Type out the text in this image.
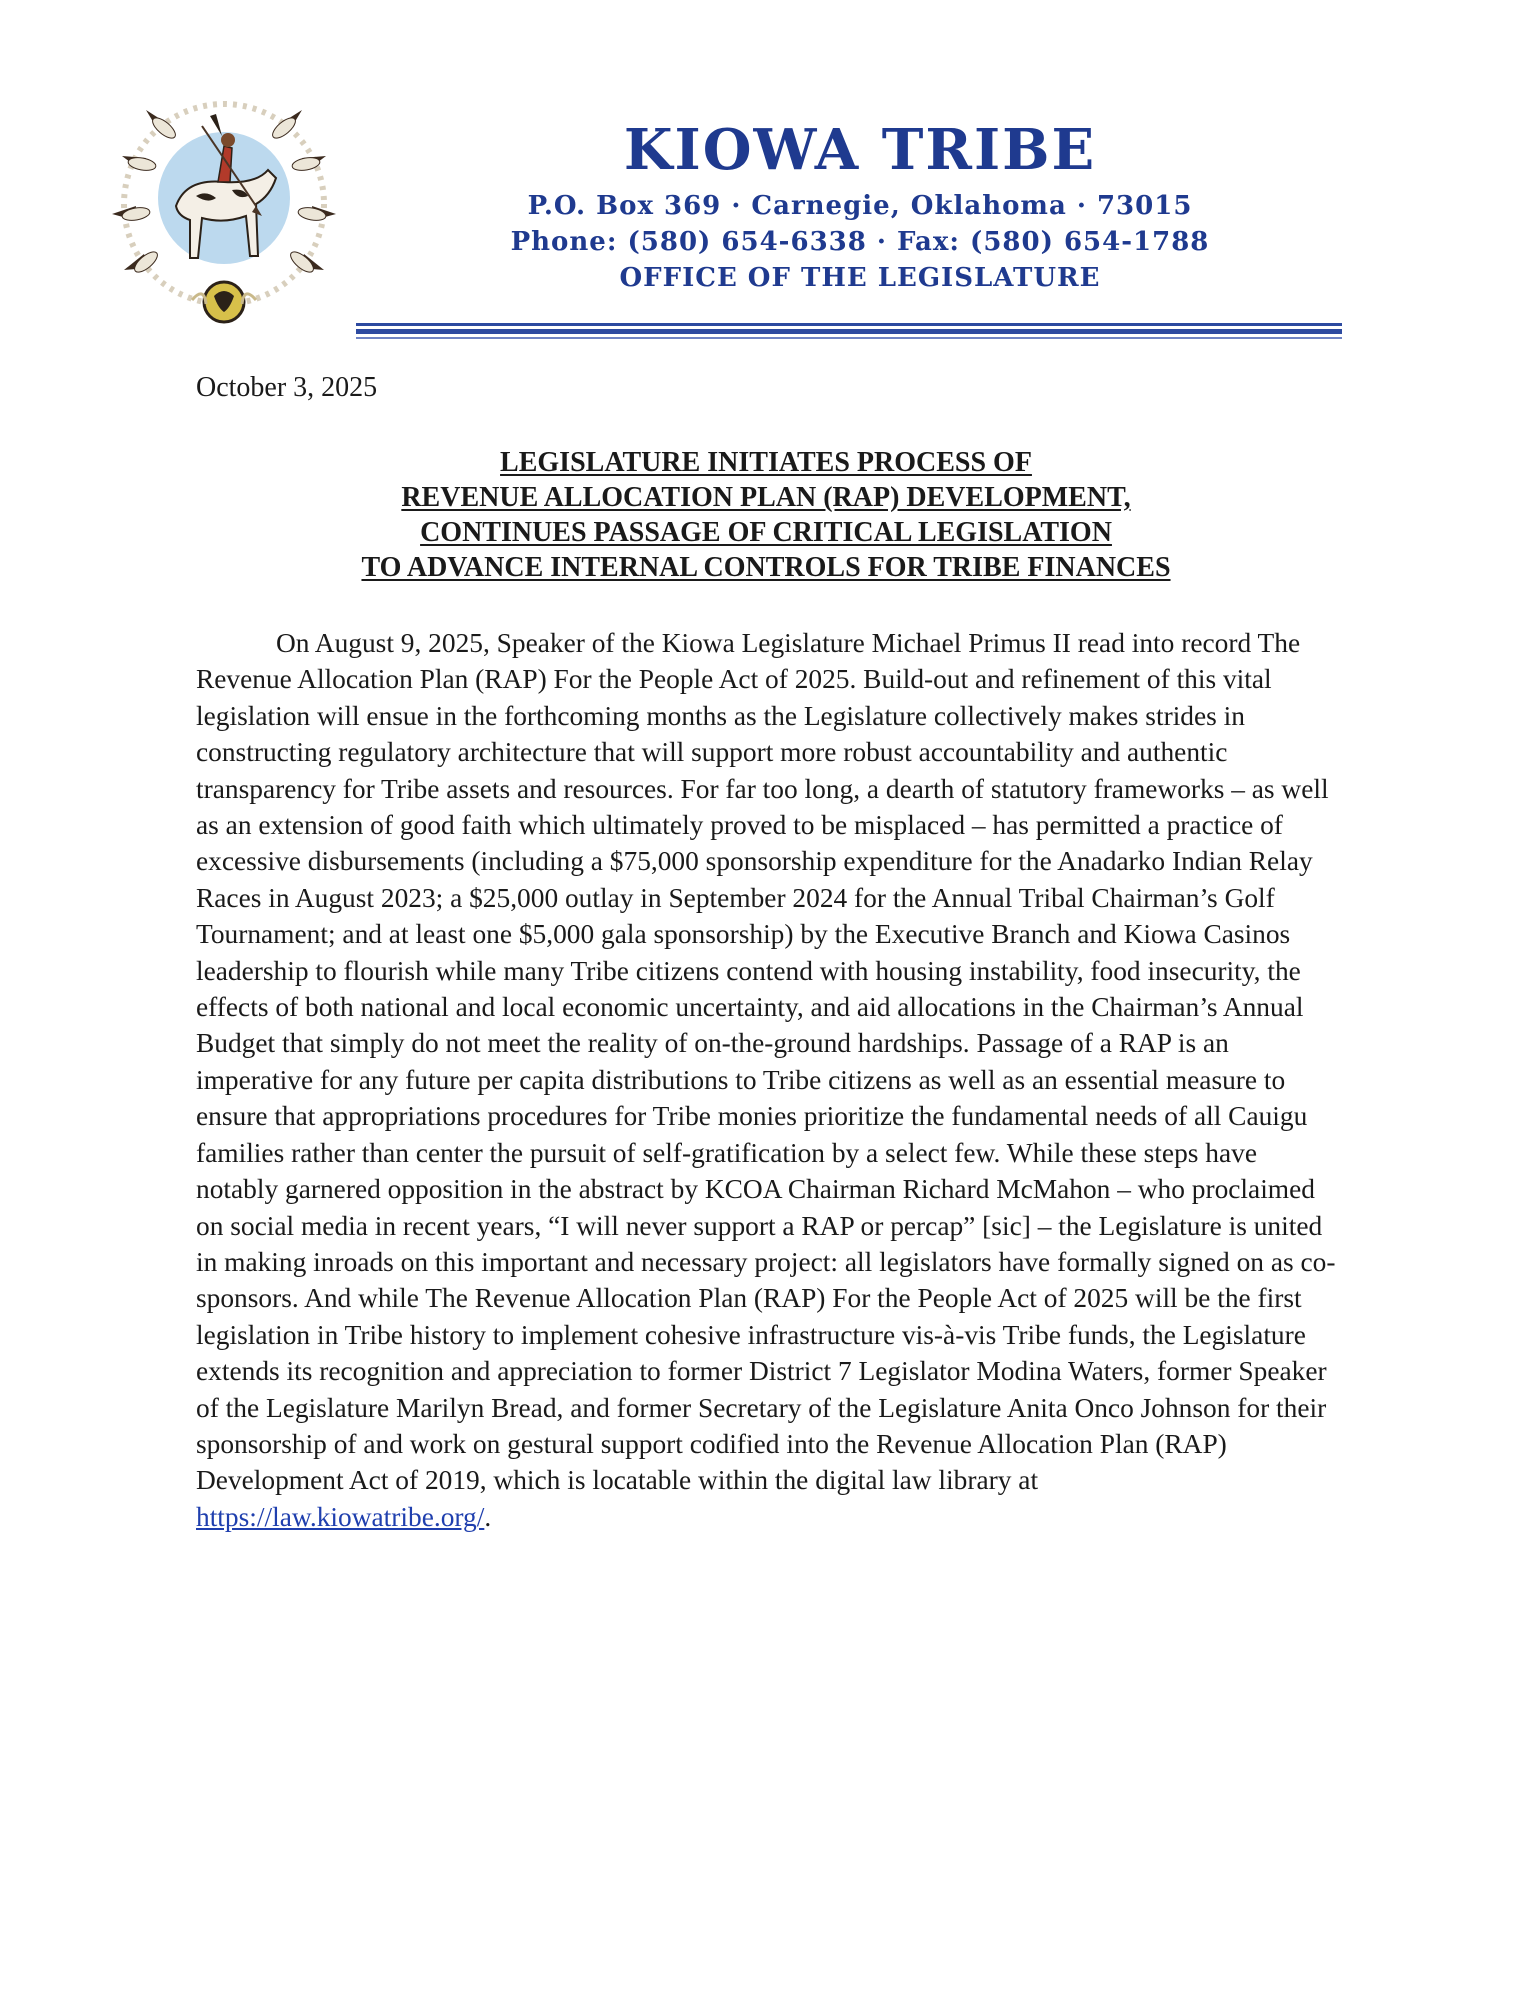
KIOWA TRIBE
P.O. Box 369 · Carnegie, Oklahoma · 73015
Phone: (580) 654-6338 · Fax: (580) 654-1788
OFFICE OF THE LEGISLATURE
October 3, 2025
LEGISLATURE INITIATES PROCESS OF
REVENUE ALLOCATION PLAN (RAP) DEVELOPMENT,
CONTINUES PASSAGE OF CRITICAL LEGISLATION
TO ADVANCE INTERNAL CONTROLS FOR TRIBE FINANCES

On August 9, 2025, Speaker of the Kiowa Legislature Michael Primus II read into record The Revenue Allocation Plan (RAP) For the People Act of 2025. Build-out and refinement of this vital legislation will ensue in the forthcoming months as the Legislature collectively makes strides in constructing regulatory architecture that will support more robust accountability and authentic transparency for Tribe assets and resources. For far too long, a dearth of statutory frameworks – as well as an extension of good faith which ultimately proved to be misplaced – has permitted a practice of excessive disbursements (including a $75,000 sponsorship expenditure for the Anadarko Indian Relay Races in August 2023; a $25,000 outlay in September 2024 for the Annual Tribal Chairman’s Golf Tournament; and at least one $5,000 gala sponsorship) by the Executive Branch and Kiowa Casinos leadership to flourish while many Tribe citizens contend with housing instability, food insecurity, the effects of both national and local economic uncertainty, and aid allocations in the Chairman’s Annual Budget that simply do not meet the reality of on-the-ground hardships. Passage of a RAP is an imperative for any future per capita distributions to Tribe citizens as well as an essential measure to ensure that appropriations procedures for Tribe monies prioritize the fundamental needs of all Cauigu families rather than center the pursuit of self-gratification by a select few. While these steps have notably garnered opposition in the abstract by KCOA Chairman Richard McMahon – who proclaimed on social media in recent years, “I will never support a RAP or percap” [sic] – the Legislature is united in making inroads on this important and necessary project: all legislators have formally signed on as co-sponsors. And while The Revenue Allocation Plan (RAP) For the People Act of 2025 will be the first legislation in Tribe history to implement cohesive infrastructure vis-à-vis Tribe funds, the Legislature extends its recognition and appreciation to former District 7 Legislator Modina Waters, former Speaker of the Legislature Marilyn Bread, and former Secretary of the Legislature Anita Onco Johnson for their sponsorship of and work on gestural support codified into the Revenue Allocation Plan (RAP) Development Act of 2019, which is locatable within the digital law library at https://law.kiowatribe.org/.
